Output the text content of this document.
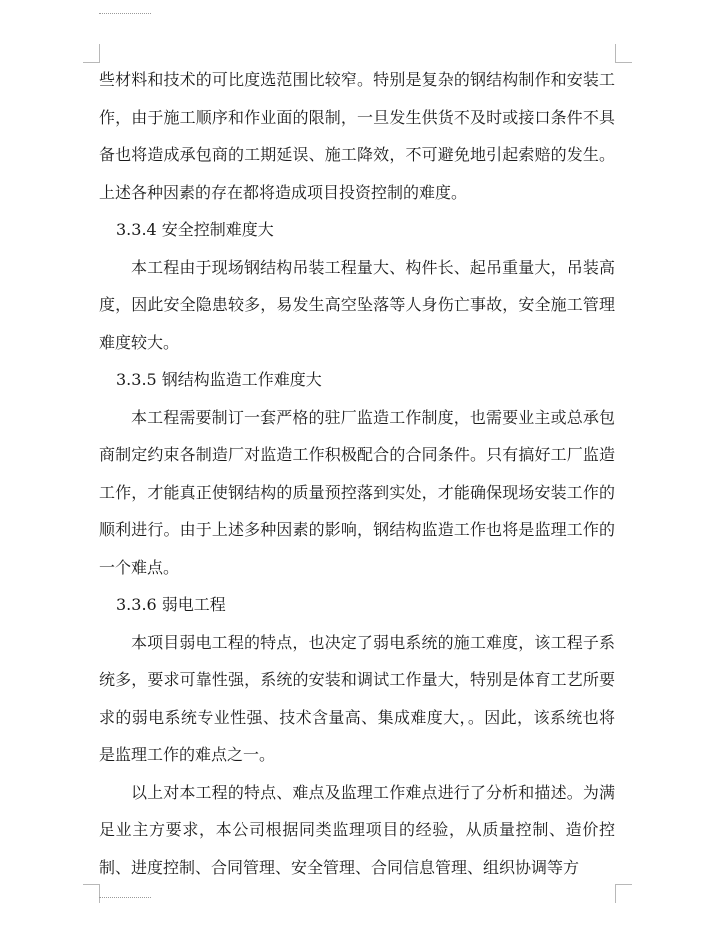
些材料和技术的可比度选范围比较窄。特别是复杂的钢结构制作和安装工作，由于施工顺序和作业面的限制，一旦发生供货不及时或接口条件不具备也将造成承包商的工期延误、施工降效，不可避免地引起索赔的发生。上述各种因素的存在都将造成项目投资控制的难度。

3.3.4 安全控制难度大

本工程由于现场钢结构吊装工程量大、构件长、起吊重量大，吊装高度，因此安全隐患较多，易发生高空坠落等人身伤亡事故，安全施工管理难度较大。

3.3.5 钢结构监造工作难度大

本工程需要制订一套严格的驻厂监造工作制度，也需要业主或总承包商制定约束各制造厂对监造工作积极配合的合同条件。只有搞好工厂监造工作，才能真正使钢结构的质量预控落到实处，才能确保现场安装工作的顺利进行。由于上述多种因素的影响，钢结构监造工作也将是监理工作的一个难点。

3.3.6 弱电工程

本项目弱电工程的特点，也决定了弱电系统的施工难度，该工程子系统多，要求可靠性强，系统的安装和调试工作量大，特别是体育工艺所要求的弱电系统专业性强、技术含量高、集成难度大，。因此，该系统也将是监理工作的难点之一。

以上对本工程的特点、难点及监理工作难点进行了分析和描述。为满足业主方要求，本公司根据同类监理项目的经验，从质量控制、造价控制、进度控制、合同管理、安全管理、合同信息管理、组织协调等方
